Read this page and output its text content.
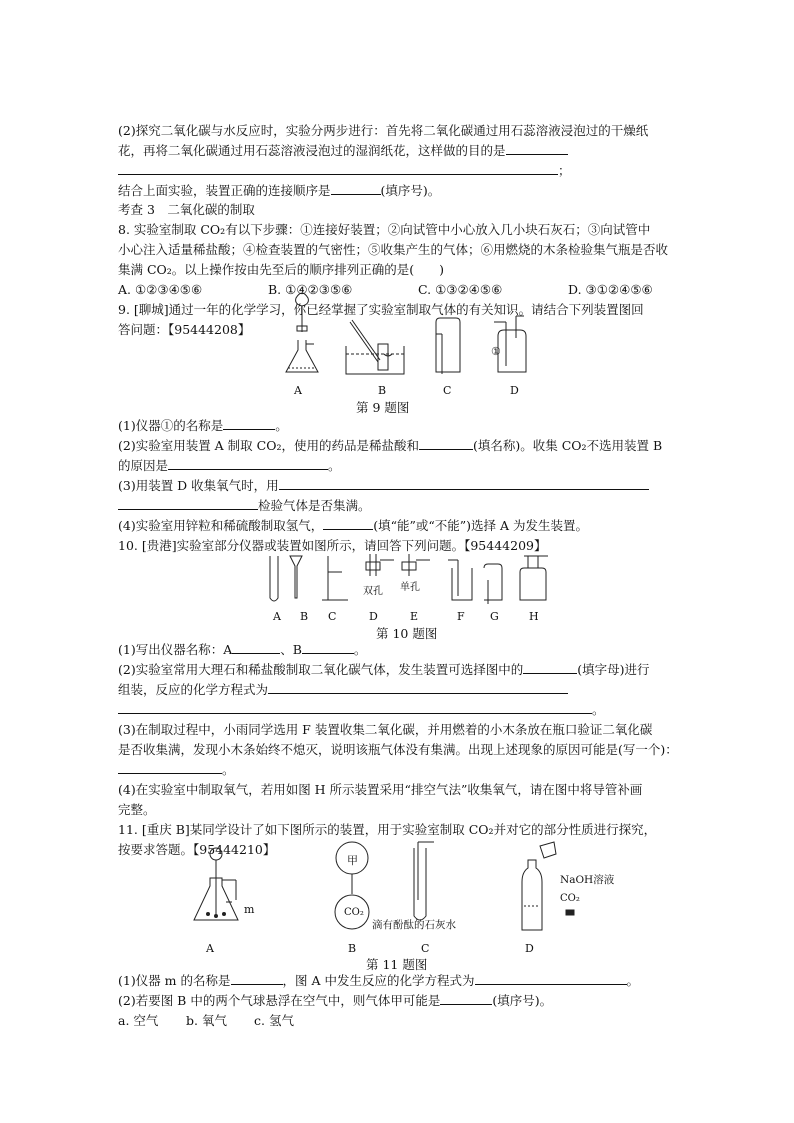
(2)探究二氧化碳与水反应时，实验分两步进行：首先将二氧化碳通过用石蕊溶液浸泡过的干燥纸
花，再将二氧化碳通过用石蕊溶液浸泡过的湿润纸花，这样做的目的是
；
结合上面实验，装置正确的连接顺序是	(填序号)。
考查 3　二氧化碳的制取
8. 实验室制取 CO₂有以下步骤：①连接好装置；②向试管中小心放入几小块石灰石；③向试管中
小心注入适量稀盐酸；④检查装置的气密性；⑤收集产生的气体；⑥用燃烧的木条检验集气瓶是否收
集满 CO₂。以上操作按由先至后的顺序排列正确的是(　　)
A. ①②③④⑤⑥	B. ①④②③⑤⑥	C. ①③②④⑤⑥	D. ③①②④⑤⑥
9. [聊城]通过一年的化学学习，你已经掌握了实验室制取气体的有关知识。请结合下列装置图回
答问题：【95444208】
A	B	C	D
①
第 9 题图
(1)仪器①的名称是	。
(2)实验室用装置 A 制取 CO₂，使用的药品是稀盐酸和	(填名称)。收集 CO₂不选用装置 B
的原因是	。
(3)用装置 D 收集氧气时，用
检验气体是否集满。
(4)实验室用锌粒和稀硫酸制取氢气，	(填“能”或“不能”)选择 A 为发生装置。
10. [贵港]实验室部分仪器或装置如图所示，请回答下列问题。【95444209】
双孔 单孔
A B C	D	E	F G	H
第 10 题图
(1)写出仪器名称：A	、B	。
(2)实验室常用大理石和稀盐酸制取二氧化碳气体，发生装置可选择图中的	(填字母)进行
组装，反应的化学方程式为
。
(3)在制取过程中，小雨同学选用 F 装置收集二氧化碳，并用燃着的小木条放在瓶口验证二氧化碳
是否收集满，发现小木条始终不熄灭，说明该瓶气体没有集满。出现上述现象的原因可能是(写一个)：
。
(4)在实验室中制取氧气，若用如图 H 所示装置采用“排空气法”收集氧气，请在图中将导管补画
完整。
11. [重庆 B]某同学设计了如下图所示的装置，用于实验室制取 CO₂并对它的部分性质进行探究，
按要求答题。【95444210】
m
甲
CO₂
滴有酚酞的石灰水
NaOH溶液
CO₂
A	B	C	D
第 11 题图
(1)仪器 m 的名称是	，图 A 中发生反应的化学方程式为	。
(2)若要图 B 中的两个气球悬浮在空气中，则气体甲可能是	(填序号)。
a. 空气 b. 氧气 c. 氢气
